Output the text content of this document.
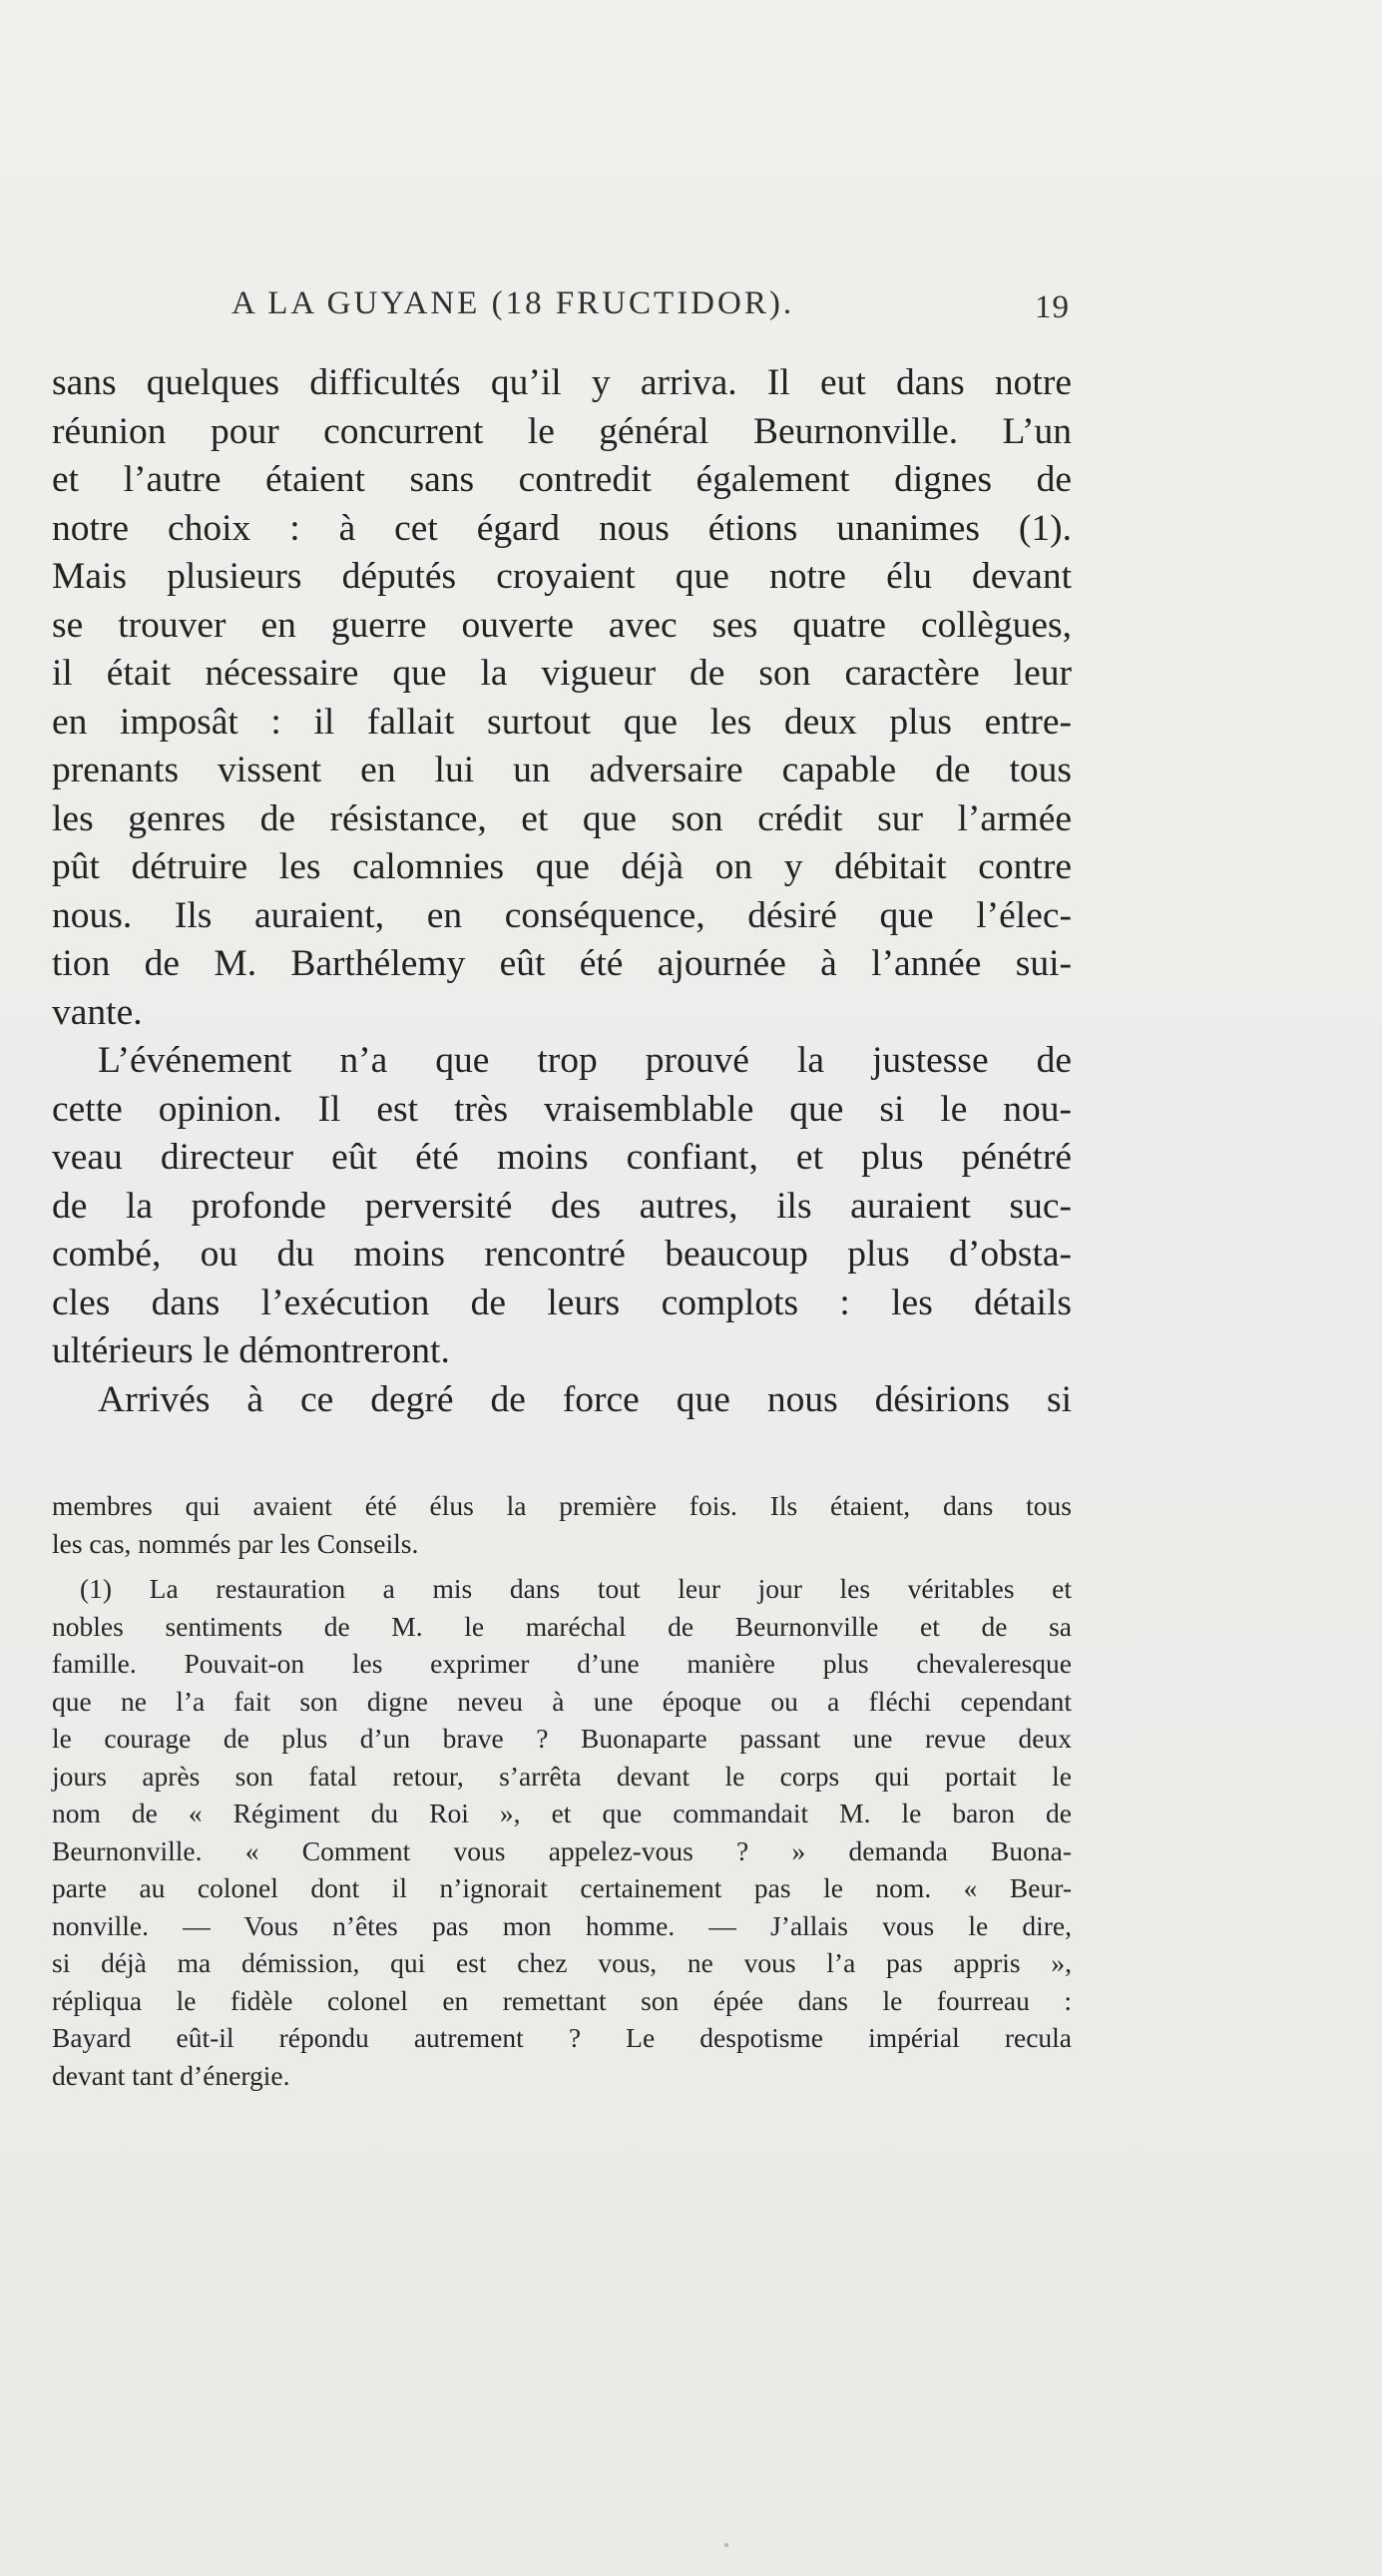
A LA GUYANE (18 FRUCTIDOR).	19

sans quelques difficultés qu’il y arriva. Il eut dans notre
réunion pour concurrent le général Beurnonville. L’un
et l’autre étaient sans contredit également dignes de
notre choix : à cet égard nous étions unanimes (1).
Mais plusieurs députés croyaient que notre élu devant
se trouver en guerre ouverte avec ses quatre collègues,
il était nécessaire que la vigueur de son caractère leur
en imposât : il fallait surtout que les deux plus entre-
prenants vissent en lui un adversaire capable de tous
les genres de résistance, et que son crédit sur l’armée
pût détruire les calomnies que déjà on y débitait contre
nous. Ils auraient, en conséquence, désiré que l’élec-
tion de M. Barthélemy eût été ajournée à l’année sui-
vante.

L’événement n’a que trop prouvé la justesse de
cette opinion. Il est très vraisemblable que si le nou-
veau directeur eût été moins confiant, et plus pénétré
de la profonde perversité des autres, ils auraient suc-
combé, ou du moins rencontré beaucoup plus d’obsta-
cles dans l’exécution de leurs complots : les détails
ultérieurs le démontreront.

Arrivés à ce degré de force que nous désirions si

membres qui avaient été élus la première fois. Ils étaient, dans tous
les cas, nommés par les Conseils.
(1) La restauration a mis dans tout leur jour les véritables et
nobles sentiments de M. le maréchal de Beurnonville et de sa
famille. Pouvait-on les exprimer d’une manière plus chevaleresque
que ne l’a fait son digne neveu à une époque ou a fléchi cependant
le courage de plus d’un brave ? Buonaparte passant une revue deux
jours après son fatal retour, s’arrêta devant le corps qui portait le
nom de « Régiment du Roi », et que commandait M. le baron de
Beurnonville. « Comment vous appelez-vous ? » demanda Buona-
parte au colonel dont il n’ignorait certainement pas le nom. « Beur-
nonville. — Vous n’êtes pas mon homme. — J’allais vous le dire,
si déjà ma démission, qui est chez vous, ne vous l’a pas appris »,
répliqua le fidèle colonel en remettant son épée dans le fourreau :
Bayard eût-il répondu autrement ? Le despotisme impérial recula
devant tant d’énergie.
